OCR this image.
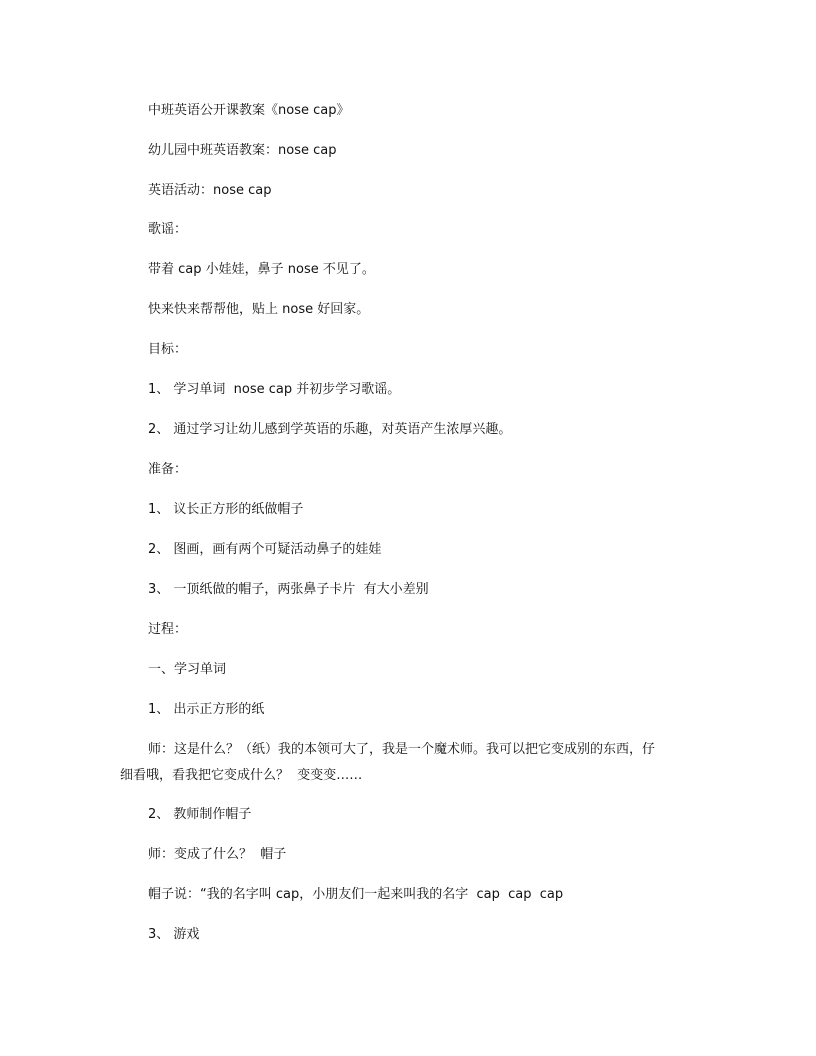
中班英语公开课教案《nose cap》

幼儿园中班英语教案：nose cap

英语活动：nose cap

歌谣：

带着 cap 小娃娃，鼻子 nose 不见了。

快来快来帮帮他，贴上 nose 好回家。

目标：

1、 学习单词  nose cap 并初步学习歌谣。

2、 通过学习让幼儿感到学英语的乐趣，对英语产生浓厚兴趣。

准备：

1、 议长正方形的纸做帽子

2、 图画，画有两个可疑活动鼻子的娃娃

3、 一顶纸做的帽子，两张鼻子卡片  有大小差别

过程：

一、学习单词

1、 出示正方形的纸

师：这是什么？（纸）我的本领可大了，我是一个魔术师。我可以把它变成别的东西，仔

细看哦，看我把它变成什么？  变变变……

2、 教师制作帽子

师：变成了什么？  帽子

帽子说：“我的名字叫 cap，小朋友们一起来叫我的名字  cap  cap  cap

3、 游戏
